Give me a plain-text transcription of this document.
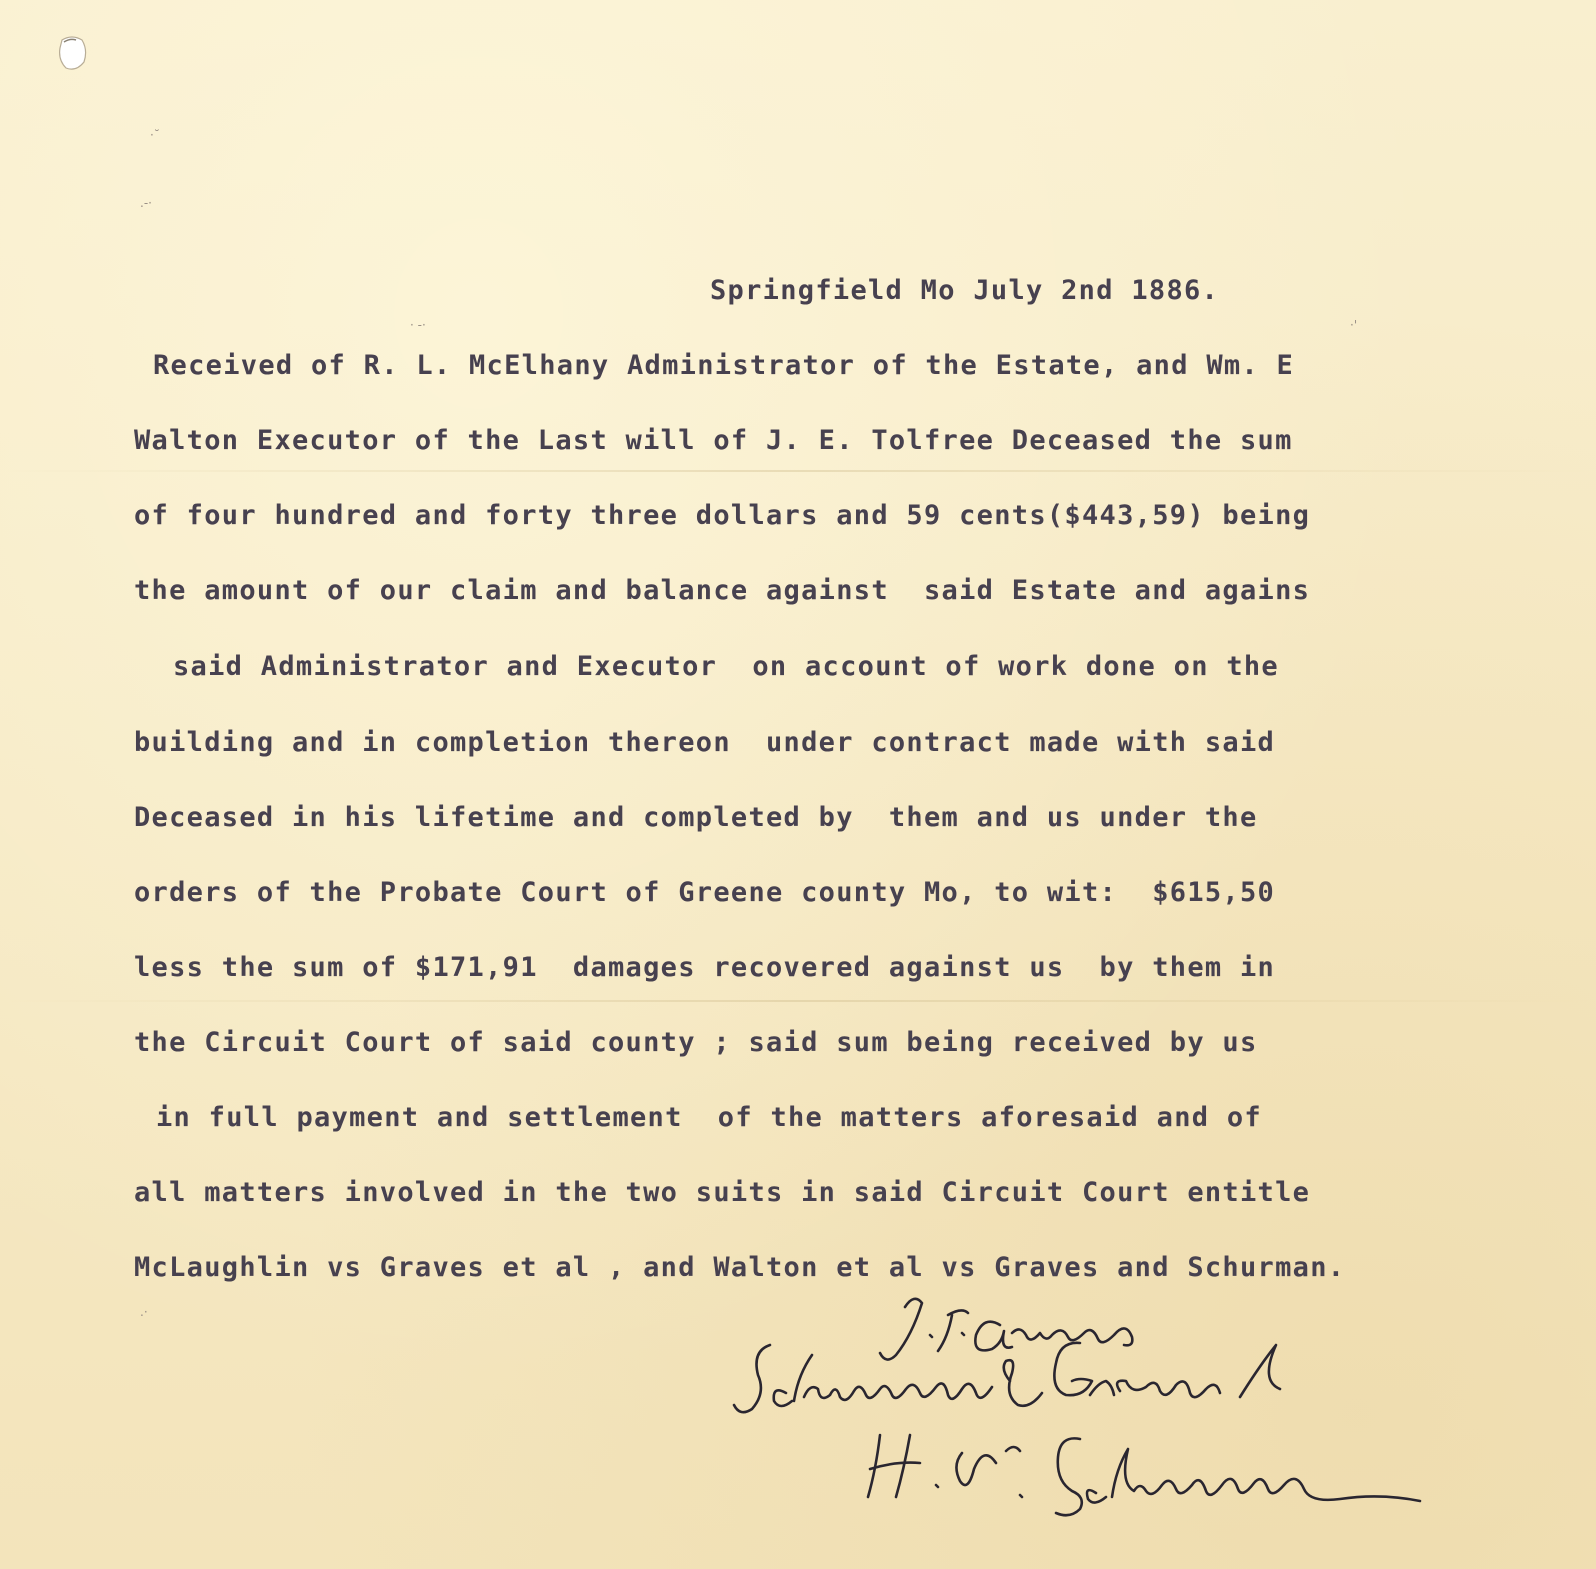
·˘
.-·
· -·	·'
.·

Springfield Mo July 2nd 1886.

Received of R. L. McElhany Administrator of the Estate, and Wm. E

Walton Executor of the Last will of J. E. Tolfree Deceased the sum

of four hundred and forty three dollars and 59 cents($443,59) being

the amount of our claim and balance against  said Estate and agains

said Administrator and Executor  on account of work done on the

building and in completion thereon  under contract made with said

Deceased in his lifetime and completed by  them and us under the

orders of the Probate Court of Greene county Mo, to wit:  $615,50

less the sum of $171,91  damages recovered against us  by them in

the Circuit Court of said county ; said sum being received by us

in full payment and settlement  of the matters aforesaid and of

all matters involved in the two suits in said Circuit Court entitle

McLaughlin vs Graves et al , and Walton et al vs Graves and Schurman.
